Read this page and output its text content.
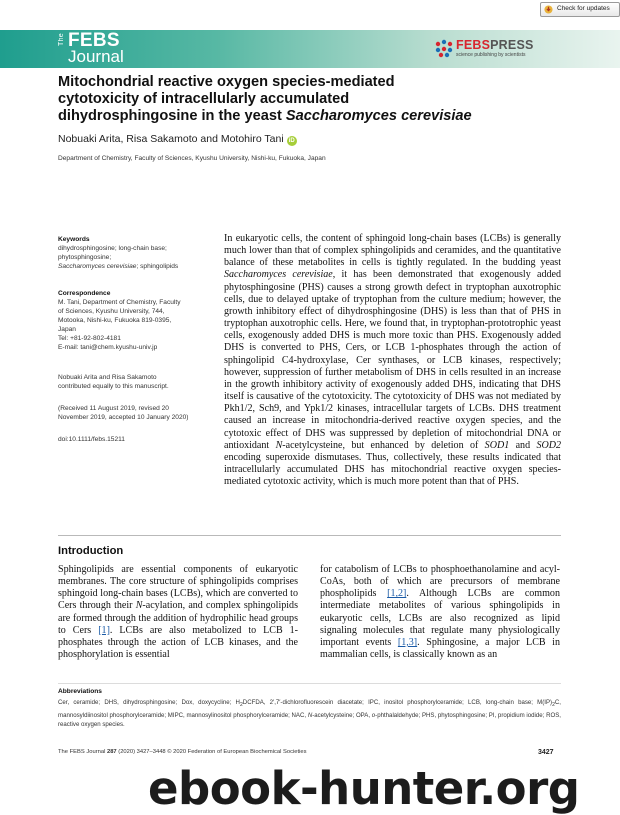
Check for updates
The FEBS
Journal
FEBSPRESS
science publishing by scientists
Mitochondrial reactive oxygen species-mediated
cytotoxicity of intracellularly accumulated
dihydrosphingosine in the yeast Saccharomyces cerevisiae
Nobuaki Arita, Risa Sakamoto and Motohiro Tani iD
Department of Chemistry, Faculty of Sciences, Kyushu University, Nishi-ku, Fukuoka, Japan

Keywords

dihydrosphingosine; long-chain base;

phytosphingosine;

Saccharomyces cerevisiae; sphingolipids

Correspondence

M. Tani, Department of Chemistry, Faculty

of Sciences, Kyushu University, 744,

Motooka, Nishi-ku, Fukuoka 819-0395,

Japan

Tel: +81-92-802-4181

E-mail: tani@chem.kyushu-univ.jp

Nobuaki Arita and Risa Sakamoto

contributed equally to this manuscript.

(Received 11 August 2019, revised 20

November 2019, accepted 10 January 2020)

doi:10.1111/febs.15211

In eukaryotic cells, the content of sphingoid long-chain bases (LCBs) is generally much lower than that of complex sphingolipids and ceramides, and the quantitative balance of these metabolites in cells is tightly regulated. In the budding yeast Saccharomyces cerevisiae, it has been demonstrated that exogenously added phytosphingosine (PHS) causes a strong growth defect in tryptophan auxotrophic cells, due to delayed uptake of tryptophan from the culture medium; however, the growth inhibitory effect of dihydrosphingosine (DHS) is less than that of PHS in tryptophan auxotrophic cells. Here, we found that, in tryptophan-prototrophic yeast cells, exogenously added DHS is much more toxic than PHS. Exogenously added DHS is converted to PHS, Cers, or LCB 1-phosphates through the action of sphingolipid C4-hydroxylase, Cer synthases, or LCB kinases, respectively; however, suppression of further metabolism of DHS in cells resulted in an increase in the growth inhibitory activity of exogenously added DHS, indicating that DHS itself is causative of the cytotoxicity. The cytotoxicity of DHS was not mediated by Pkh1/2, Sch9, and Ypk1/2 kinases, intracellular targets of LCBs. DHS treatment caused an increase in mitochondria-derived reactive oxygen species, and the cytotoxic effect of DHS was suppressed by depletion of mitochondrial DNA or antioxidant N-acetylcysteine, but enhanced by deletion of SOD1 and SOD2 encoding superoxide dismutases. Thus, collectively, these results indicated that intracellularly accumulated DHS has mitochondrial reactive oxygen species-mediated cytotoxic activity, which is much more potent than that of PHS.
Introduction
Sphingolipids are essential components of eukaryotic membranes. The core structure of sphingolipids comprises sphingoid long-chain bases (LCBs), which are converted to Cers through their N-acylation, and complex sphingolipids are formed through the addition of hydrophilic head groups to Cers [1]. LCBs are also metabolized to LCB 1-phosphates through the action of LCB kinases, and the phosphorylation is essential
for catabolism of LCBs to phosphoethanolamine and acyl-CoAs, both of which are precursors of membrane phospholipids [1,2]. Although LCBs are common intermediate metabolites of various sphingolipids in eukaryotic cells, LCBs are also recognized as lipid signaling molecules that regulate many physiologically important events [1,3]. Sphingosine, a major LCB in mammalian cells, is classically known as an
Abbreviations
Cer, ceramide; DHS, dihydrosphingosine; Dox, doxycycline; $H_2DCFDA$, 2′,7′-dichlorofluorescein diacetate; IPC, inositol phosphorylceramide; LCB, long-chain base; $M(IP)_2C$, mannosyldiinositol phosphorylceramide; MIPC, mannosylinositol phosphorylceramide; NAC, N-acetylcysteine; OPA, o-phthalaldehyde; PHS, phytosphingosine; PI, propidium iodide; ROS, reactive oxygen species.
The FEBS Journal 287 (2020) 3427–3448 © 2020 Federation of European Biochemical Societies	3427
ebook-hunter.org
